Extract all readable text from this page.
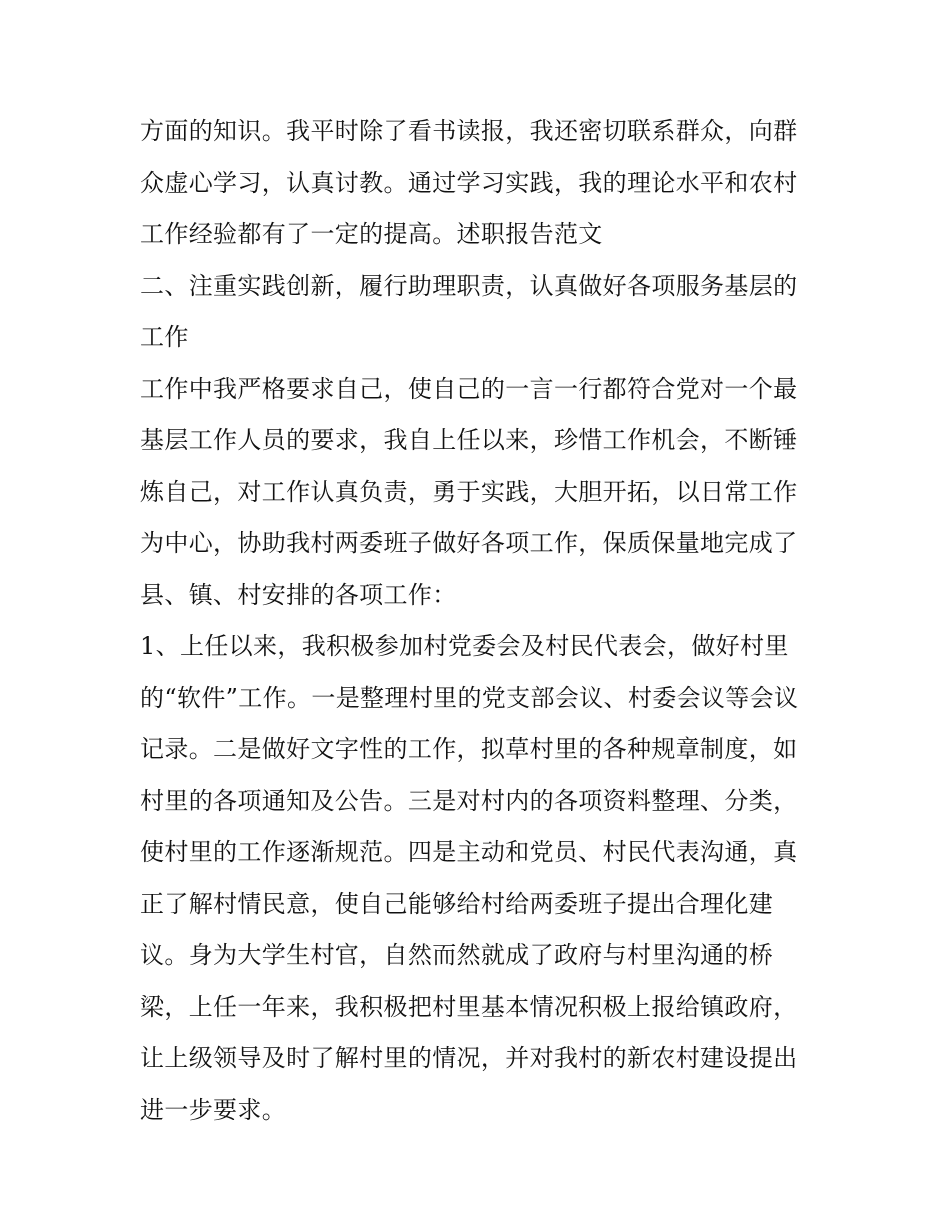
方面的知识。我平时除了看书读报，我还密切联系群众，向群

众虚心学习，认真讨教。通过学习实践，我的理论水平和农村

工作经验都有了一定的提高。述职报告范文

二、注重实践创新，履行助理职责，认真做好各项服务基层的

工作

工作中我严格要求自己，使自己的一言一行都符合党对一个最

基层工作人员的要求，我自上任以来，珍惜工作机会，不断锤

炼自己，对工作认真负责，勇于实践，大胆开拓，以日常工作

为中心，协助我村两委班子做好各项工作，保质保量地完成了

县、镇、村安排的各项工作：

1、上任以来，我积极参加村党委会及村民代表会，做好村里

的“软件”工作。一是整理村里的党支部会议、村委会议等会议

记录。二是做好文字性的工作，拟草村里的各种规章制度，如

村里的各项通知及公告。三是对村内的各项资料整理、分类，

使村里的工作逐渐规范。四是主动和党员、村民代表沟通，真

正了解村情民意，使自己能够给村给两委班子提出合理化建

议。身为大学生村官，自然而然就成了政府与村里沟通的桥

梁，上任一年来，我积极把村里基本情况积极上报给镇政府，

让上级领导及时了解村里的情况，并对我村的新农村建设提出

进一步要求。
